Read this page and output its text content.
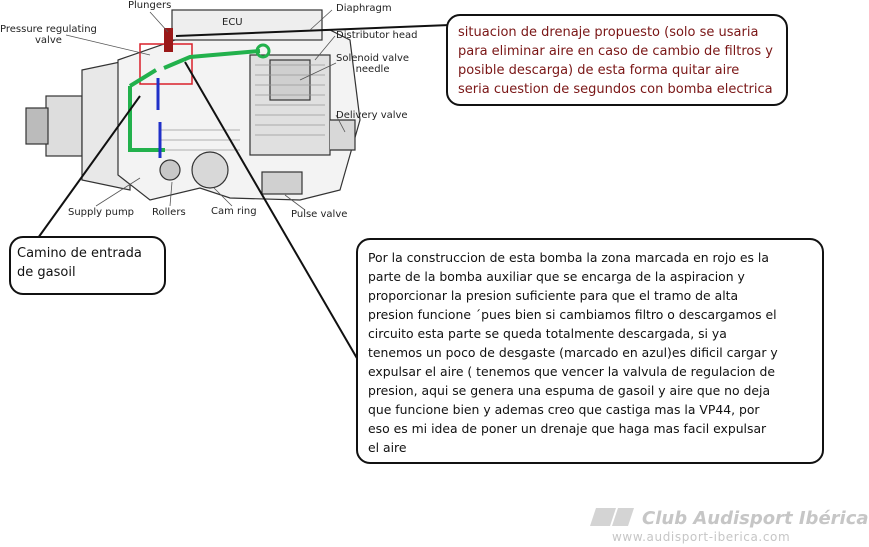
Plungers
ECU
Diaphragm
Pressure regulating
valve	Distributor head
Solenoid valve
needle
Delivery valve
Supply pump Rollers	Cam ring	Pulse valve

situacion de drenaje propuesto (solo se usaria
para eliminar aire en caso de cambio de filtros y
posible descarga) de esta forma quitar aire
seria cuestion de segundos con bomba electrica

Camino de entrada
de gasoil

Por la construccion de esta bomba la zona marcada en rojo es la
parte de la bomba auxiliar que se encarga de la aspiracion y
proporcionar la presion suficiente para que el tramo de alta
presion funcione ´pues bien si cambiamos filtro o descargamos el
circuito esta parte se queda totalmente descargada, si ya
tenemos un poco de desgaste (marcado en azul)es dificil cargar y
expulsar el aire ( tenemos que vencer la valvula de regulacion de
presion, aqui se genera una espuma de gasoil y aire que no deja
que funcione bien y ademas creo que castiga mas la VP44, por
eso es mi idea de poner un drenaje que haga mas facil expulsar
el aire

Club Audisport Ibérica
www.audisport-iberica.com
